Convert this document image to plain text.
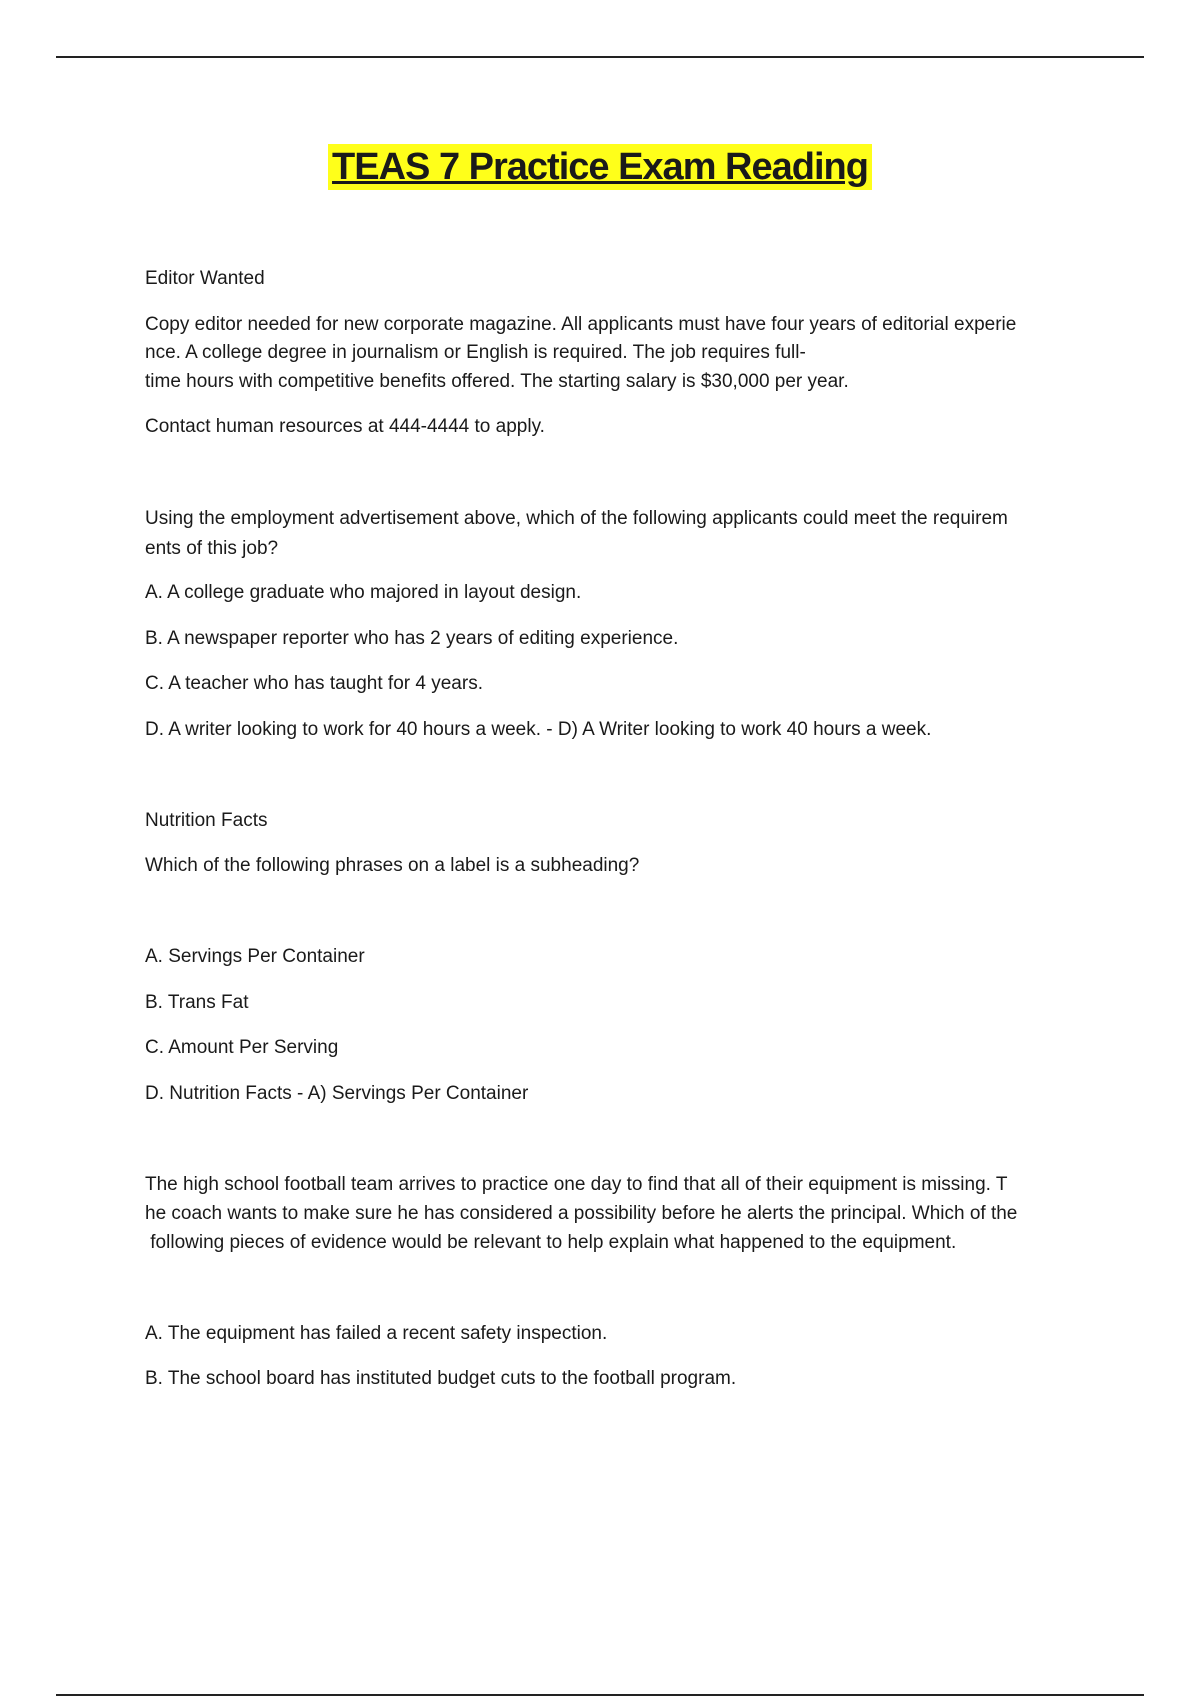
TEAS 7 Practice Exam Reading

Editor Wanted

Copy editor needed for new corporate magazine. All applicants must have four years of editorial experie

nce. A college degree in journalism or English is required. The job requires full-

time hours with competitive benefits offered. The starting salary is $30,000 per year.

Contact human resources at 444-4444 to apply.

Using the employment advertisement above, which of the following applicants could meet the requirem

ents of this job?

A. A college graduate who majored in layout design.

B. A newspaper reporter who has 2 years of editing experience.

C. A teacher who has taught for 4 years.

D. A writer looking to work for 40 hours a week. - D) A Writer looking to work 40 hours a week.

Nutrition Facts

Which of the following phrases on a label is a subheading?

A. Servings Per Container

B. Trans Fat

C. Amount Per Serving

D. Nutrition Facts - A) Servings Per Container

The high school football team arrives to practice one day to find that all of their equipment is missing. T

he coach wants to make sure he has considered a possibility before he alerts the principal. Which of the

following pieces of evidence would be relevant to help explain what happened to the equipment.

A. The equipment has failed a recent safety inspection.

B. The school board has instituted budget cuts to the football program.
